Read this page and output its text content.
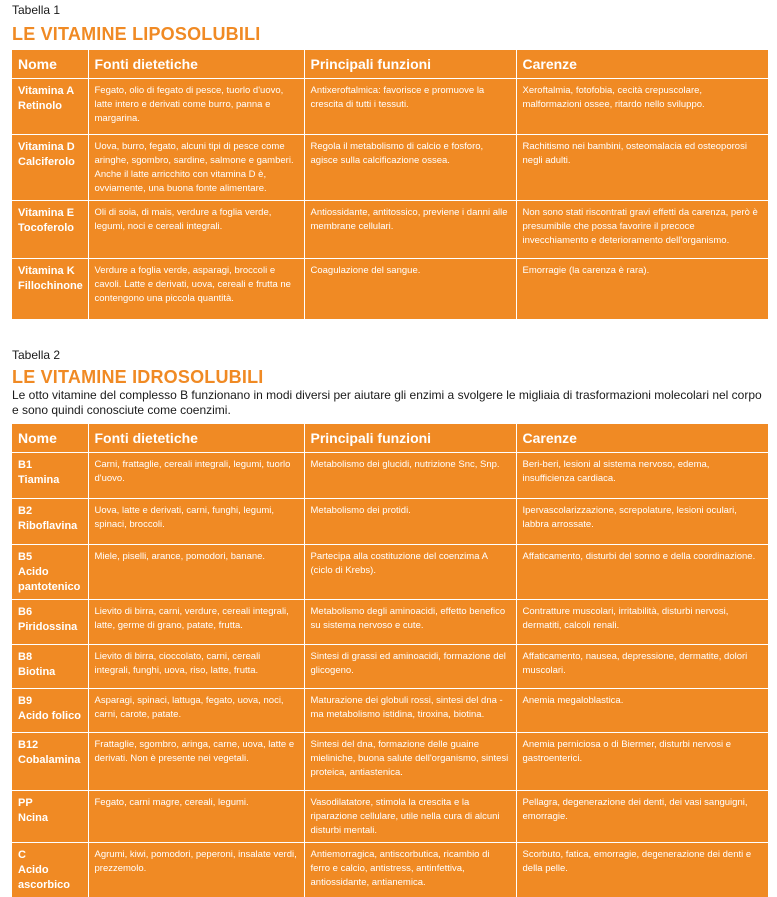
Tabella 1

LE VITAMINE LIPOSOLUBILI
Nome	Fonti dietetiche	Principali funzioni	Carenze

Vitamina A
Retinolo	Fegato, olio di fegato di pesce, tuorlo d'uovo, latte intero e derivati come burro, panna e margarina.	Antixeroftalmica: favorisce e promuove la crescita di tutti i tessuti.	Xeroftalmia, fotofobia, cecità crepuscolare, malformazioni ossee, ritardo nello sviluppo.

Vitamina D
Calciferolo	Uova, burro, fegato, alcuni tipi di pesce come aringhe, sgombro, sardine, salmone e gamberi. Anche il latte arricchito con vitamina D è, ovviamente, una buona fonte alimentare.	Regola il metabolismo di calcio e fosforo, agisce sulla calcificazione ossea.	Rachitismo nei bambini, osteomalacia ed osteoporosi negli adulti.

Vitamina E
Tocoferolo	Oli di soia, di mais, verdure a foglia verde, legumi, noci e cereali integrali.	Antiossidante, antitossico, previene i danni alle membrane cellulari.	Non sono stati riscontrati gravi effetti da carenza, però è presumibile che possa favorire il precoce invecchiamento e deterioramento dell'organismo.

Vitamina K
Fillochinone	Verdure a foglia verde, asparagi, broccoli e cavoli. Latte e derivati, uova, cereali e frutta ne contengono una piccola quantità.	Coagulazione del sangue.	Emorragie (la carenza è rara).

Tabella 2

LE VITAMINE IDROSOLUBILI

Le otto vitamine del complesso B funzionano in modi diversi per aiutare gli enzimi a svolgere le migliaia di trasformazioni molecolari nel corpo e sono quindi conosciute come coenzimi.

Nome	Fonti dietetiche	Principali funzioni	Carenze

B1
Tiamina	Carni, frattaglie, cereali integrali, legumi, tuorlo d'uovo.	Metabolismo dei glucidi, nutrizione Snc, Snp.	Beri-beri, lesioni al sistema nervoso, edema, insufficienza cardiaca.

B2
Riboflavina	Uova, latte e derivati, carni, funghi, legumi, spinaci, broccoli.	Metabolismo dei protidi.	Ipervascolarizzazione, screpolature, lesioni oculari, labbra arrossate.

B5
Acido pantotenico	Miele, piselli, arance, pomodori, banane.	Partecipa alla costituzione del coenzima A (ciclo di Krebs).	Affaticamento, disturbi del sonno e della coordinazione.

B6
Piridossina	Lievito di birra, carni, verdure, cereali integrali, latte, germe di grano, patate, frutta.	Metabolismo degli aminoacidi, effetto benefico su sistema nervoso e cute.	Contratture muscolari, irritabilità, disturbi nervosi, dermatiti, calcoli renali.

B8
Biotina	Lievito di birra, cioccolato, carni, cereali integrali, funghi, uova, riso, latte, frutta.	Sintesi di grassi ed aminoacidi, formazione del glicogeno.	Affaticamento, nausea, depressione, dermatite, dolori muscolari.

B9
Acido folico	Asparagi, spinaci, lattuga, fegato, uova, noci, carni, carote, patate.	Maturazione dei globuli rossi, sintesi del dna - ma metabolismo istidina, tiroxina, biotina.	Anemia megaloblastica.

B12
Cobalamina	Frattaglie, sgombro, aringa, carne, uova, latte e derivati. Non è presente nei vegetali.	Sintesi del dna, formazione delle guaine mieliniche, buona salute dell'organismo, sintesi proteica, antiastenica.	Anemia perniciosa o di Biermer, disturbi nervosi e gastroenterici.

PP
Ncina	Fegato, carni magre, cereali, legumi.	Vasodilatatore, stimola la crescita e la riparazione cellulare, utile nella cura di alcuni disturbi mentali.	Pellagra, degenerazione dei denti, dei vasi sanguigni, emorragie.

C
Acido ascorbico	Agrumi, kiwi, pomodori, peperoni, insalate verdi, prezzemolo.	Antiemorragica, antiscorbutica, ricambio di ferro e calcio, antistress, antinfettiva, antiossidante, antianemica.	Scorbuto, fatica, emorragie, degenerazione dei denti e della pelle.
